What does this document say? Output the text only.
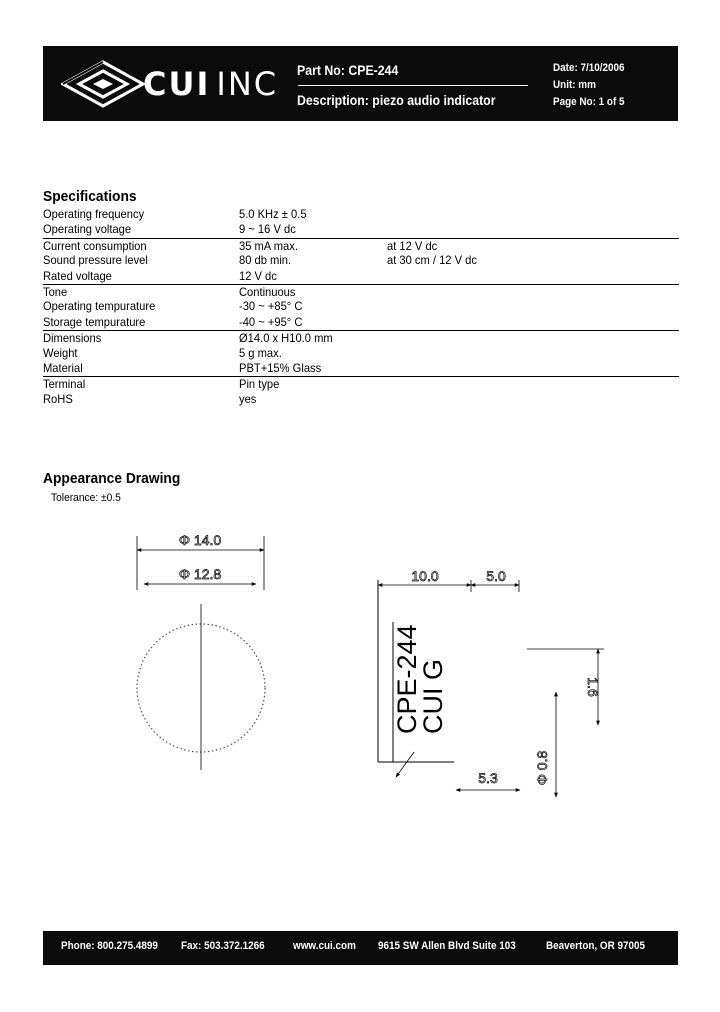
CUI INC Part No: CPE-244
Description: piezo audio indicator
Date: 7/10/2006
Unit: mm
Page No: 1 of 5
Specifications
Operating frequency	5.0 KHz ± 0.5
Operating voltage	9 ~ 16 V dc
Current consumption	35 mA max.	at 12 V dc
Sound pressure level	80 db min.	at 30 cm / 12 V dc
Rated voltage	12 V dc
Tone	Continuous
Operating tempurature	-30 ~ +85° C
Storage tempurature	-40 ~ +95° C
Dimensions	Ø14.0 x H10.0 mm
Weight	5 g max.
Material	PBT+15% Glass
Terminal	Pin type
RoHS	yes
Appearance Drawing
Tolerance: ±0.5
Φ 14.0
Φ 12.8	10.0	5.0
1.6
Φ 0.8
5.3
CPE-244
CUI G
Phone: 800.275.4899 Fax: 503.372.1266	www.cui.com 9615 SW Allen Blvd Suite 103	Beaverton, OR 97005
